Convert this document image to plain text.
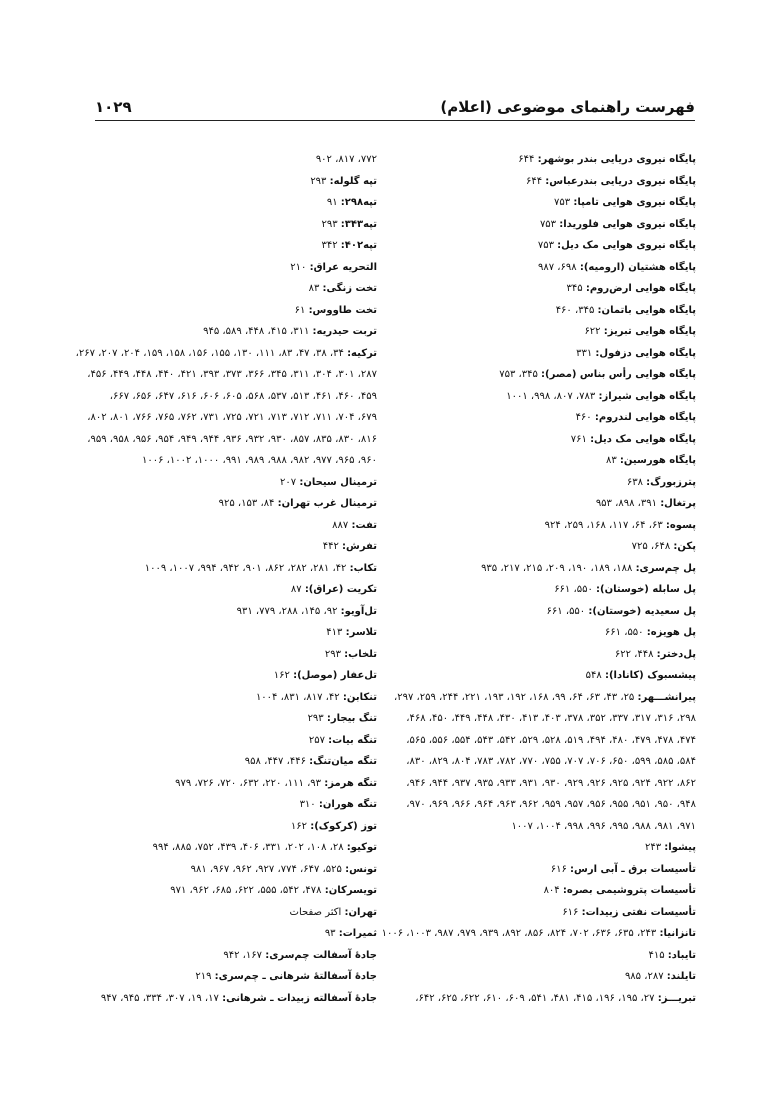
فهرست راهنمای موضوعی (اعلام)
۱۰۲۹
پایگاه نیروی دریایی بندر بوشهر: ۶۴۴
پایگاه نیروی دریایی بندرعباس: ۶۴۴
پایگاه نیروی هوایی تامپا: ۷۵۳
پایگاه نیروی هوایی فلوریدا: ۷۵۳
پایگاه نیروی هوایی مک دیل: ۷۵۳
پایگاه هشتیان (ارومیه): ۶۹۸، ۹۸۷
پایگاه هوایی ارض‌روم: ۳۴۵
پایگاه هوایی باتمان: ۳۴۵، ۴۶۰
پایگاه هوایی تبریز: ۶۲۲
پایگاه هوایی دزفول: ۳۳۱
پایگاه هوایی رأس بناس (مصر): ۳۴۵، ۷۵۳
پایگاه هوایی شیراز: ۷۸۳، ۸۰۷، ۹۹۸، ۱۰۰۱
پایگاه هوایی لندروم: ۴۶۰
پایگاه هوایی مک دیل: ۷۶۱
پایگاه هورسین: ۸۳
پترزبورگ: ۶۳۸
پرتغال: ۳۹۱، ۸۹۸، ۹۵۳
پسوه: ۶۳، ۶۴، ۱۱۷، ۱۶۸، ۲۵۹، ۹۲۴
پکن: ۶۴۸، ۷۲۵
پل چم‌سری: ۱۸۸، ۱۸۹، ۱۹۰، ۲۰۹، ۲۱۵، ۲۱۷، ۹۳۵
پل سابله (خوستان): ۵۵۰، ۶۶۱
پل سعیدیه (خوستان): ۵۵۰، ۶۶۱
پل هویزه: ۵۵۰، ۶۶۱
پل‌دختر: ۴۴۸، ۶۲۲
پیشسبوک (کانادا): ۵۴۸
پیرانشـــهر: ۲۵، ۴۳، ۶۳، ۶۴، ۹۹، ۱۶۸، ۱۹۲، ۱۹۳، ۲۲۱، ۲۴۴، ۲۵۹، ۲۹۷،
۲۹۸، ۳۱۶، ۳۱۷، ۳۳۷، ۳۵۲، ۳۷۸، ۴۰۳، ۴۱۳، ۴۳۰، ۴۴۸، ۴۴۹، ۴۵۰، ۴۶۸،
۴۷۴، ۴۷۸، ۴۷۹، ۴۸۰، ۴۹۴، ۵۱۹، ۵۲۸، ۵۲۹، ۵۴۲، ۵۴۳، ۵۵۴، ۵۵۶، ۵۶۵،
۵۸۴، ۵۸۵، ۵۹۹، ۶۵۰، ۷۰۶، ۷۰۷، ۷۵۵، ۷۷۰، ۷۸۲، ۷۸۳، ۸۰۴، ۸۲۹، ۸۳۰،
۸۶۲، ۹۲۲، ۹۲۴، ۹۲۵، ۹۲۶، ۹۲۹، ۹۳۰، ۹۳۱، ۹۳۳، ۹۳۵، ۹۳۷، ۹۴۴، ۹۴۶،
۹۴۸، ۹۵۰، ۹۵۱، ۹۵۵، ۹۵۶، ۹۵۷، ۹۵۹، ۹۶۲، ۹۶۳، ۹۶۴، ۹۶۶، ۹۶۹، ۹۷۰،
۹۷۱، ۹۸۱، ۹۸۸، ۹۹۵، ۹۹۶، ۹۹۸، ۱۰۰۴، ۱۰۰۷
پیشوا: ۲۴۳
تأسیسات برق ـ آبی ارس: ۶۱۶
تأسیسات پتروشیمی بصره: ۸۰۴
تأسیسات نفتی زبیدات: ۶۱۶
تانزانیا: ۲۴۳، ۶۳۵، ۶۳۶، ۷۰۲، ۸۲۴، ۸۵۶، ۸۹۲، ۹۳۹، ۹۷۹، ۹۸۷، ۱۰۰۳، ۱۰۰۶
تایباد: ۴۱۵
تایلند: ۲۸۷، ۹۸۵
تبریـــز: ۲۷، ۱۹۵، ۱۹۶، ۴۱۵، ۴۸۱، ۵۴۱، ۶۰۹، ۶۱۰، ۶۲۲، ۶۲۵، ۶۴۲،
۷۷۲، ۸۱۷، ۹۰۲
تپه گلوله: ۲۹۳
تپه۲۹۸: ۹۱
تپه۳۴۳: ۲۹۳
تپه۴۰۲: ۳۴۲
التحریه عراق: ۲۱۰
تخت زنگی: ۸۳
تخت طاووس: ۶۱
تربت حیدریه: ۳۱۱، ۴۱۵، ۴۴۸، ۵۸۹، ۹۴۵
ترکیه: ۳۴، ۳۸، ۴۷، ۸۳، ۱۱۱، ۱۳۰، ۱۵۵، ۱۵۶، ۱۵۸، ۱۵۹، ۲۰۴، ۲۰۷، ۲۶۷،
۲۸۷، ۳۰۱، ۳۰۴، ۳۱۱، ۳۴۵، ۳۶۶، ۳۷۳، ۳۹۳، ۴۲۱، ۴۴۰، ۴۴۸، ۴۴۹، ۴۵۶،
۴۵۹، ۴۶۰، ۴۶۱، ۵۱۳، ۵۳۷، ۵۶۸، ۶۰۵، ۶۰۶، ۶۱۶، ۶۴۷، ۶۵۶، ۶۶۷،
۶۷۹، ۷۰۴، ۷۱۱، ۷۱۲، ۷۱۳، ۷۲۱، ۷۲۵، ۷۳۱، ۷۶۲، ۷۶۵، ۷۶۶، ۸۰۱، ۸۰۲،
۸۱۶، ۸۳۰، ۸۳۵، ۸۵۷، ۹۳۰، ۹۳۲، ۹۳۶، ۹۴۴، ۹۴۹، ۹۵۴، ۹۵۶، ۹۵۸، ۹۵۹،
۹۶۰، ۹۶۵، ۹۷۷، ۹۸۲، ۹۸۸، ۹۸۹، ۹۹۱، ۱۰۰۰، ۱۰۰۲، ۱۰۰۶
ترمینال سیحان: ۲۰۷
ترمینال غرب تهران: ۸۴، ۱۵۳، ۹۲۵
تفت: ۸۸۷
تفرش: ۴۴۲
تکاب: ۴۲، ۲۸۱، ۲۸۲، ۸۶۲، ۹۰۱، ۹۴۲، ۹۹۴، ۱۰۰۷، ۱۰۰۹
تکریت (عراق): ۸۷
تل‌آویو: ۹۲، ۱۴۵، ۲۸۸، ۷۷۹، ۹۳۱
تلاسر: ۴۱۳
تلخاب: ۲۹۳
تل‌عفار (موصل): ۱۶۲
تنکابن: ۴۲، ۸۱۷، ۸۳۱، ۱۰۰۴
تنگ بیجار: ۲۹۳
تنگه بیات: ۲۵۷
تنگه میان‌تنگ: ۴۴۶، ۴۴۷، ۹۵۸
تنگه هرمز: ۹۳، ۱۱۱، ۲۲۰، ۶۳۲، ۷۲۰، ۷۲۶، ۹۷۹
تنگه هوران: ۳۱۰
توز (کرکوک): ۱۶۲
توکیو: ۲۸، ۱۰۸، ۲۰۲، ۳۳۱، ۴۰۶، ۴۳۹، ۷۵۲، ۸۸۵، ۹۹۴
تونس: ۵۲۵، ۶۴۷، ۷۷۴، ۹۲۷، ۹۶۲، ۹۶۷، ۹۸۱
تویسرکان: ۴۷۸، ۵۴۲، ۵۵۵، ۶۲۲، ۶۸۵، ۹۶۲، ۹۷۱
تهران: اکثر صفحات
ثمیرات: ۹۳
جادهٔ آسفالت چم‌سری: ۱۶۷، ۹۴۲
جادهٔ آسفالتهٔ شرهانی ـ چم‌سری: ۲۱۹
جادهٔ آسفالته زبیدات ـ شرهانی: ۱۷، ۱۹، ۳۰۷، ۳۳۴، ۹۴۵، ۹۴۷
